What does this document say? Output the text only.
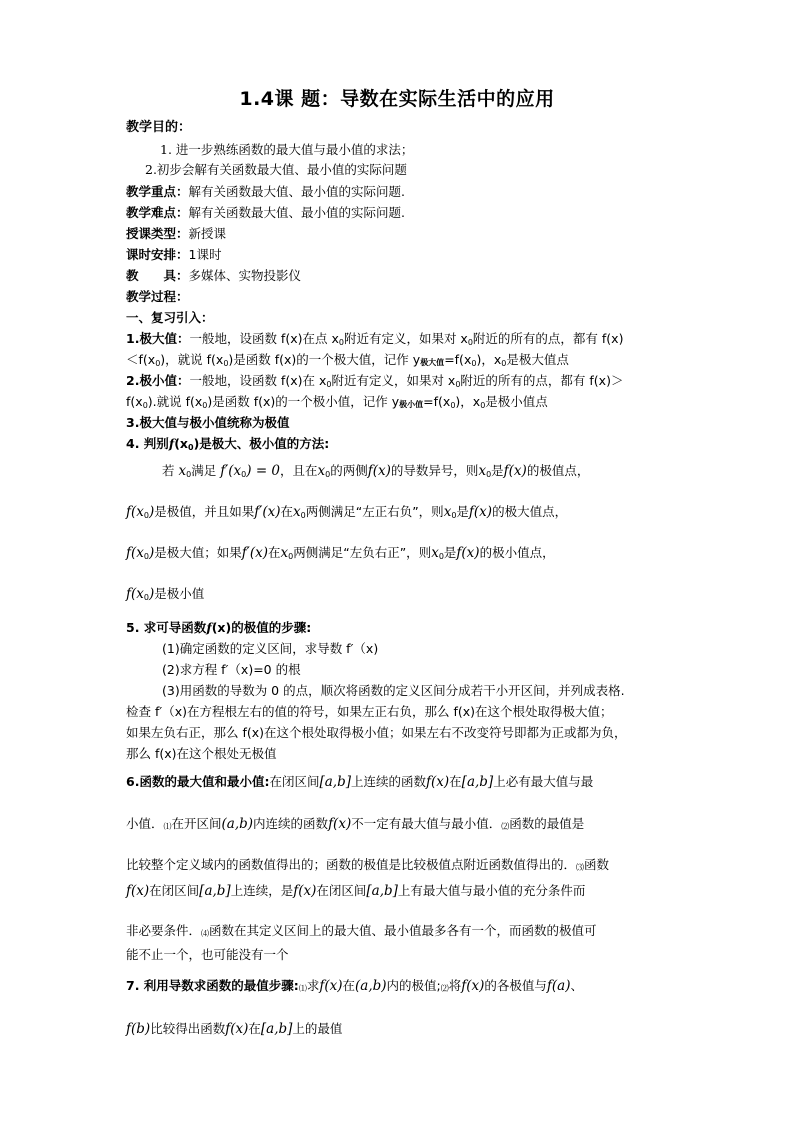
1.4课 题：导数在实际生活中的应用
教学目的：
1. 进一步熟练函数的最大值与最小值的求法；
2.初步会解有关函数最大值、最小值的实际问题
教学重点：解有关函数最大值、最小值的实际问题.
教学难点：解有关函数最大值、最小值的实际问题.
授课类型：新授课
课时安排：1课时
教　　具：多媒体、实物投影仪
教学过程：
一、复习引入：
1.极大值：一般地，设函数 f(x)在点 $x_0$附近有定义，如果对 $x_0$附近的所有的点，都有 f(x)
$<f(x_0)$，就说 $f(x_0)$是函数 f(x)的一个极大值，记作 y极大值$=f(x_0)$，$x_0$是极大值点
2.极小值：一般地，设函数 f(x)在 $x_0$附近有定义，如果对 $x_0$附近的所有的点，都有 f(x)＞
$f(x_0)$.就说 $f(x_0)$是函数 f(x)的一个极小值，记作 y极小值$=f(x_0)$，$x_0$是极小值点
3.极大值与极小值统称为极值
4. 判别$f(x_0)$是极大、极小值的方法:
若 $x_0$满足 $f'(x_0) = 0$，且在$x_0$的两侧f(x)的导数异号，则$x_0$是f(x)的极值点，
$f(x_0)$是极值，并且如果f′(x)在$x_0$两侧满足“左正右负”，则$x_0$是f(x)的极大值点，
$f(x_0)$是极大值；如果f′(x)在$x_0$两侧满足“左负右正”，则$x_0$是f(x)的极小值点，
$f(x_0)$是极小值
5. 求可导函数f(x)的极值的步骤:
(1)确定函数的定义区间，求导数 f′（x)
(2)求方程 f′（x)=0 的根
(3)用函数的导数为 0 的点，顺次将函数的定义区间分成若干小开区间，并列成表格.
检查 f′（x)在方程根左右的值的符号，如果左正右负，那么 f(x)在这个根处取得极大值；
如果左负右正，那么 f(x)在这个根处取得极小值；如果左右不改变符号即都为正或都为负，
那么 f(x)在这个根处无极值
6.函数的最大值和最小值:在闭区间[a,b]上连续的函数f(x)在[a,b]上必有最大值与最
小值．⑴在开区间(a,b)内连续的函数f(x)不一定有最大值与最小值．⑵函数的最值是
比较整个定义域内的函数值得出的；函数的极值是比较极值点附近函数值得出的．⑶函数
f(x)在闭区间[a,b]上连续，是f(x)在闭区间[a,b]上有最大值与最小值的充分条件而
非必要条件．⑷函数在其定义区间上的最大值、最小值最多各有一个，而函数的极值可
能不止一个，也可能没有一个
7. 利用导数求函数的最值步骤:⑴求f(x)在(a,b)内的极值;⑵将f(x)的各极值与f(a)、
f(b)比较得出函数f(x)在[a,b]上的最值
